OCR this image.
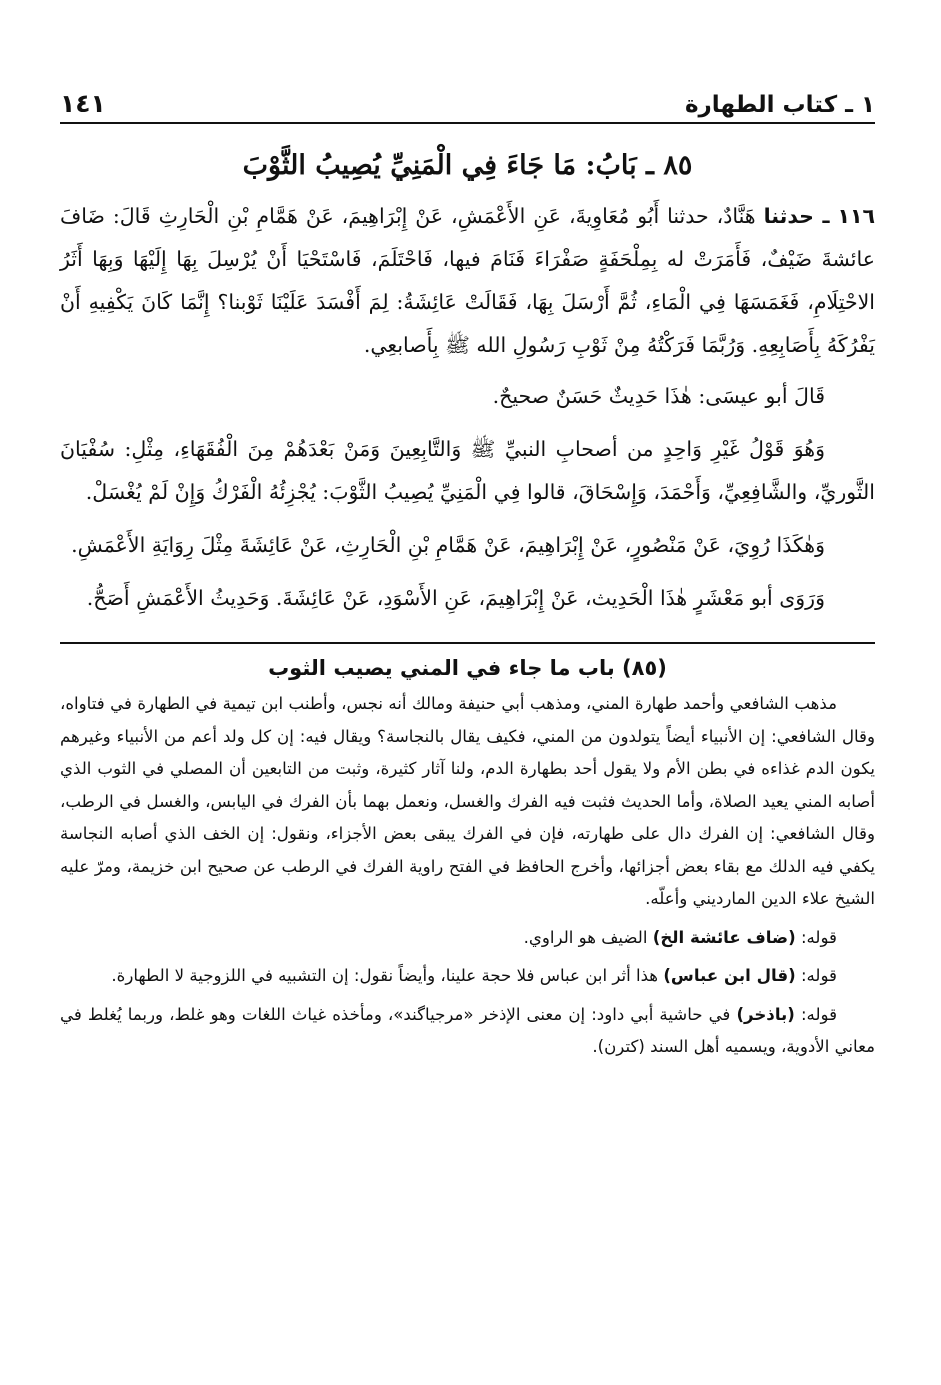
١ ـ كتاب الطهارة
١٤١
٨٥ ـ بَابُ: مَا جَاءَ فِي الْمَنِيِّ يُصِيبُ الثَّوْبَ

١١٦ ـ حدثنا هَنَّادٌ، حدثنا أَبُو مُعَاوِيةَ، عَنِ الأَعْمَشِ، عَنْ إِبْرَاهِيمَ، عَنْ هَمَّامِ بْنِ الْحَارِثِ قَالَ: ضَافَ عائشةَ ضَيْفٌ، فَأَمَرَتْ له بِمِلْحَفَةٍ صَفْرَاءَ فَنَامَ فيها، فَاحْتَلَمَ، فَاسْتَحْيَا أَنْ يُرْسِلَ بِهَا إِلَيْهَا وَبِهَا أَثَرُ الاحْتِلَامِ، فَغَمَسَهَا فِي الْمَاءِ، ثُمَّ أَرْسَلَ بِهَا، فَقَالَتْ عَائِشَةُ: لِمَ أَفْسَدَ عَلَيْنَا ثَوْبنا؟ إِنَّمَا كَانَ يَكْفِيهِ أَنْ يَفْرُكَهُ بِأَصَابِعِهِ. وَرُبَّمَا فَرَكْتُهُ مِنْ ثَوْبِ رَسُولِ الله ﷺ بِأَصابعِي.

قَالَ أبو عيسَى: هٰذَا حَدِيثٌ حَسَنٌ صحيحٌ.

وَهُوَ قَوْلُ غَيْرِ وَاحِدٍ من أصحابِ النبيِّ ﷺ وَالتَّابِعِينَ وَمَنْ بَعْدَهُمْ مِنَ الْفُقَهَاءِ، مِثْلِ: سُفْيَانَ الثَّوريِّ، والشَّافِعِيِّ، وَأَحْمَدَ، وَإِسْحَاقَ، قالوا فِي الْمَنِيِّ يُصِيبُ الثَّوْبَ: يُجْزِئُهُ الْفَرْكُ وَإِنْ لَمْ يُغْسَلْ.

وَهٰكَذَا رُوِيَ، عَنْ مَنْصُورٍ، عَنْ إِبْرَاهِيمَ، عَنْ هَمَّامِ بْنِ الْحَارِثِ، عَنْ عَائِشَةَ مِثْلَ رِوَايَةِ الأَعْمَشِ.

وَرَوَى أبو مَعْشَرٍ هٰذَا الْحَدِيث، عَنْ إِبْرَاهِيمَ، عَنِ الأَسْوَدِ، عَنْ عَائِشَةَ. وَحَدِيثُ الأَعْمَشِ أَصَحُّ.

(٨٥) باب ما جاء في المني يصيب الثوب

مذهب الشافعي وأحمد طهارة المني، ومذهب أبي حنيفة ومالك أنه نجس، وأطنب ابن تيمية في الطهارة في فتاواه، وقال الشافعي: إن الأنبياء أيضاً يتولدون من المني، فكيف يقال بالنجاسة؟ ويقال فيه: إن كل ولد أعم من الأنبياء وغيرهم يكون الدم غذاءه في بطن الأم ولا يقول أحد بطهارة الدم، ولنا آثار كثيرة، وثبت من التابعين أن المصلي في الثوب الذي أصابه المني يعيد الصلاة، وأما الحديث فثبت فيه الفرك والغسل، ونعمل بهما بأن الفرك في اليابس، والغسل في الرطب، وقال الشافعي: إن الفرك دال على طهارته، فإن في الفرك يبقى بعض الأجزاء، ونقول: إن الخف الذي أصابه النجاسة يكفي فيه الدلك مع بقاء بعض أجزائها، وأخرج الحافظ في الفتح راوية الفرك في الرطب عن صحيح ابن خزيمة، ومرّ عليه الشيخ علاء الدين المارديني وأعلّه.

قوله: (ضاف عائشة الخ) الضيف هو الراوي.

قوله: (قال ابن عباس) هذا أثر ابن عباس فلا حجة علينا، وأيضاً نقول: إن التشبيه في اللزوجية لا الطهارة.

قوله: (باذخر) في حاشية أبي داود: إن معنى الإذخر «مرجياگند»، ومأخذه غياث اللغات وهو غلط، وربما يُغلط في معاني الأدوية، ويسميه أهل السند (كترن).
